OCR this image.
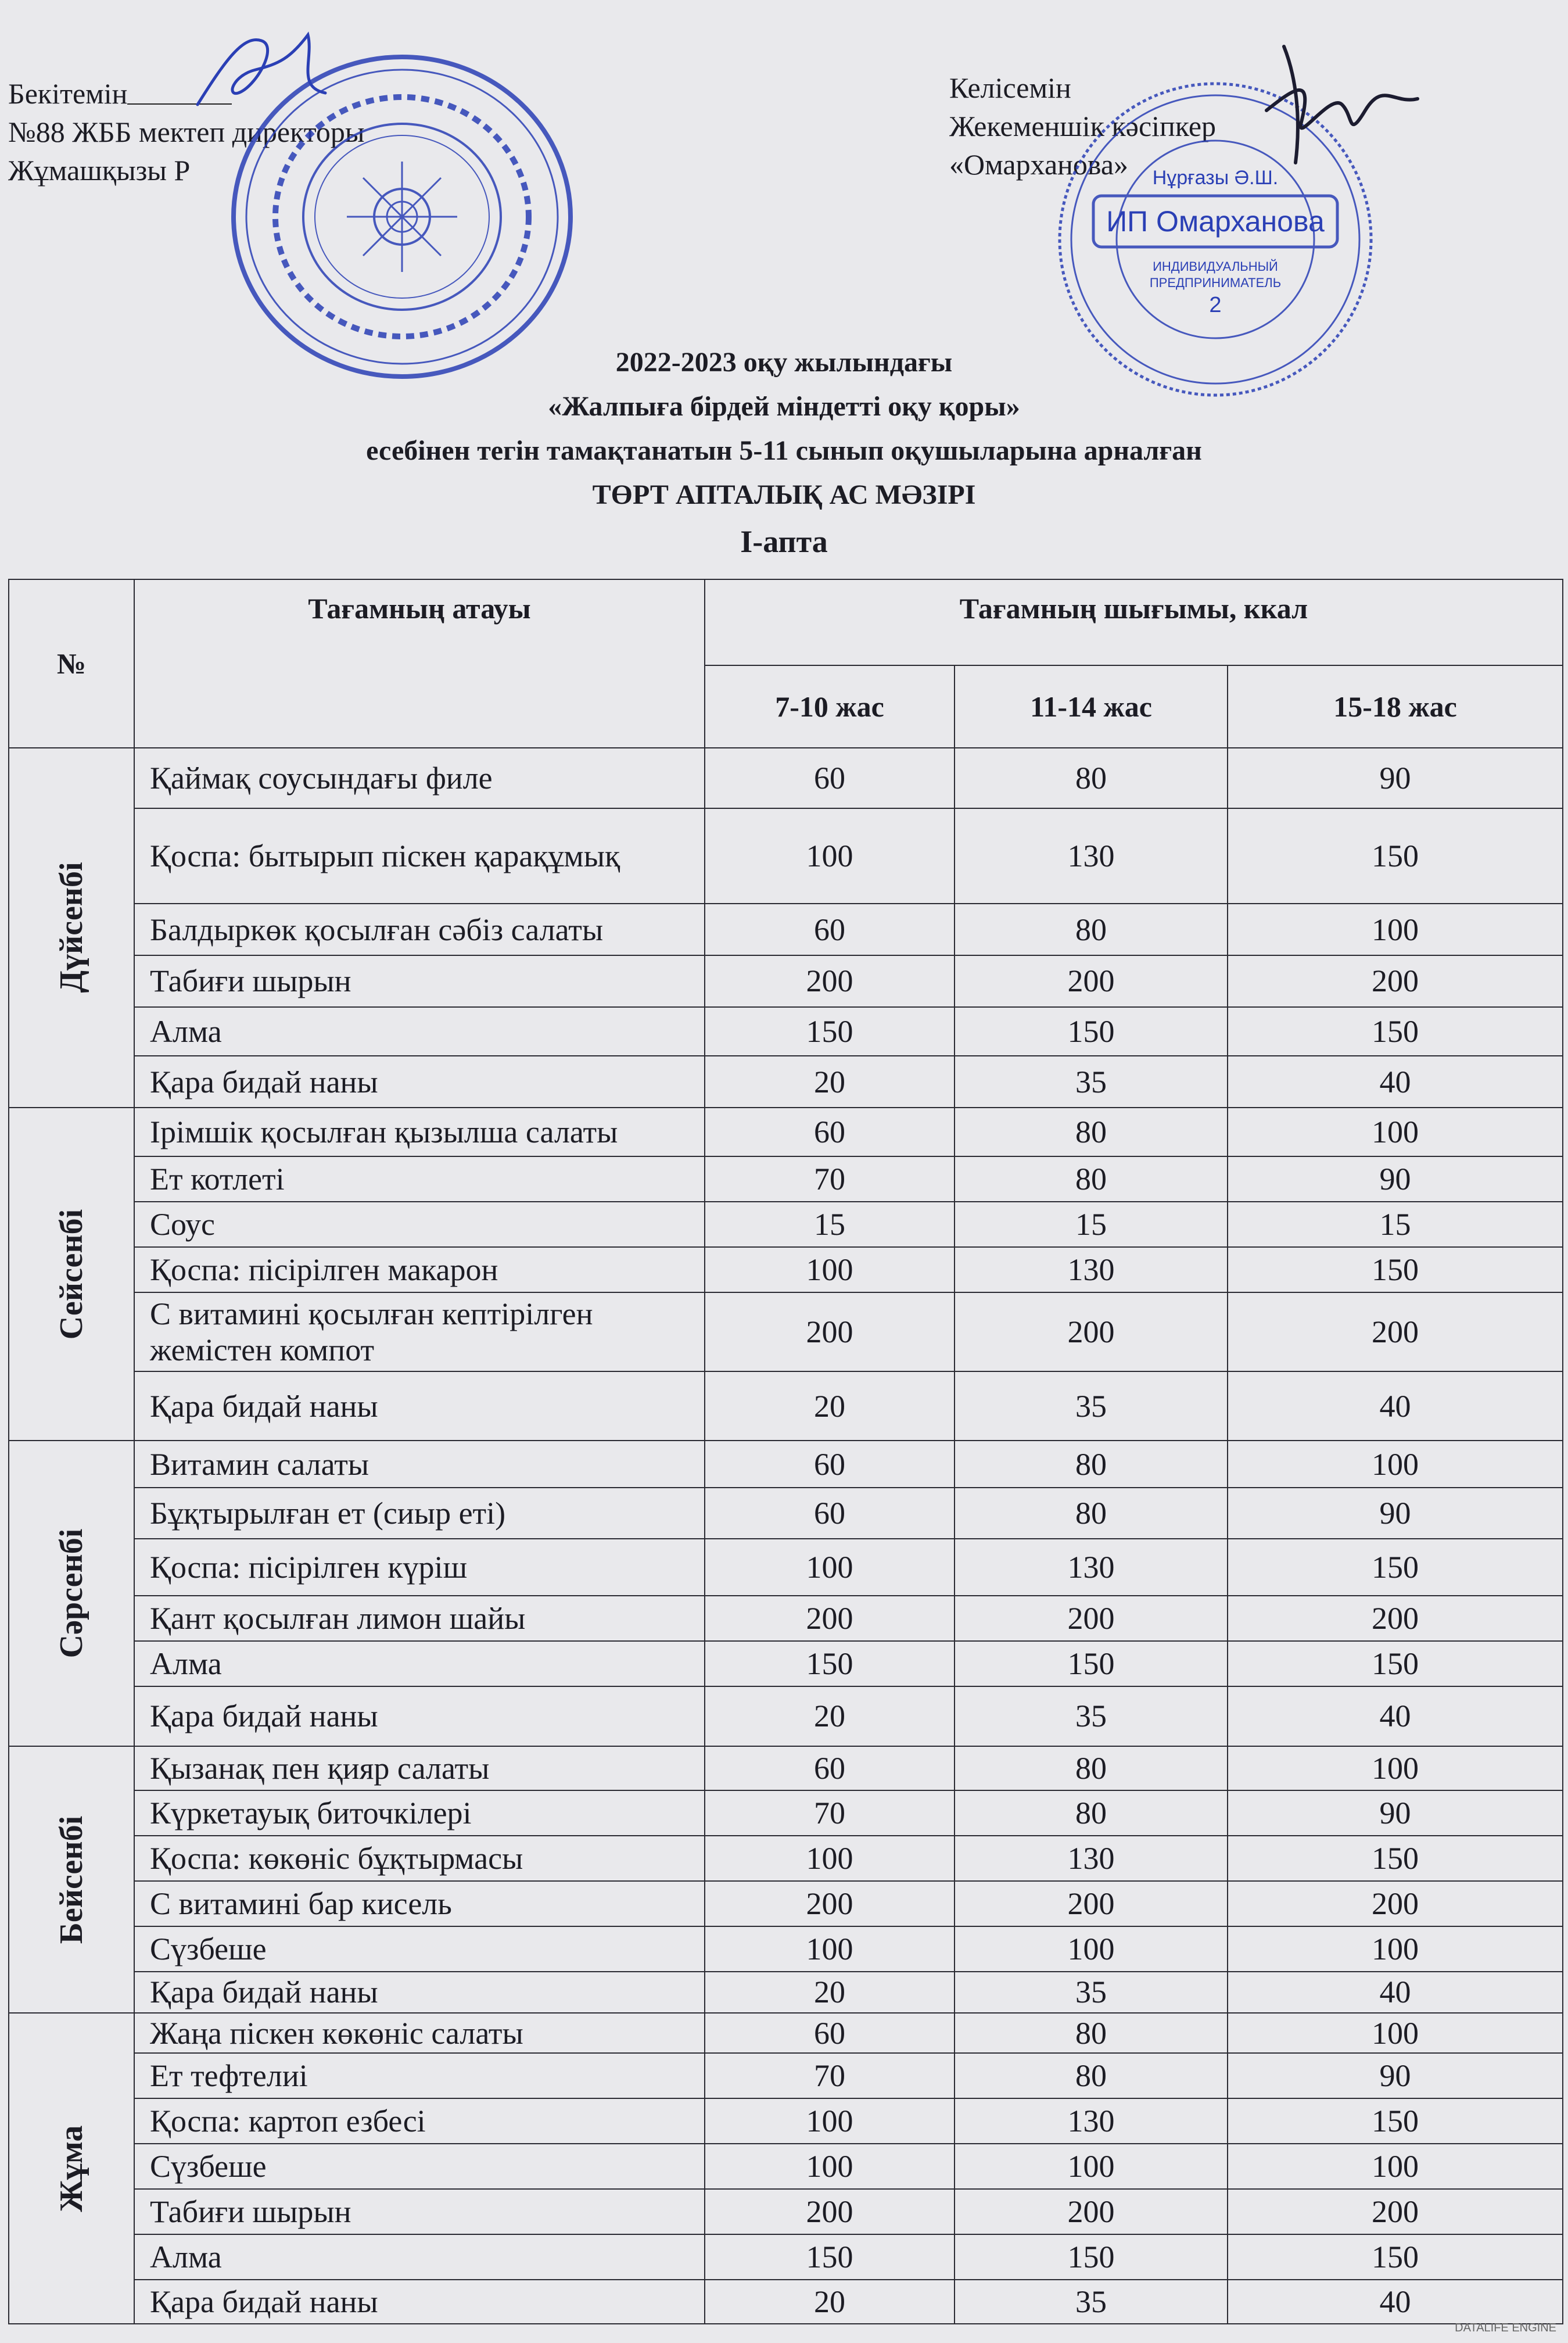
Бекітемін
№88 ЖББ мектеп директоры
Жұмашқызы Р
Келісемін
Жекеменшік кәсіпкер
«Омарханова»
ИП Омарханова
Нұрғазы Ә.Ш.
ИНДИВИДУАЛЬНЫЙ
ПРЕДПРИНИМАТЕЛЬ
2
2022-2023 оқу жылындағы
«Жалпыға бірдей міндетті оқу қоры»
есебінен тегін тамақтанатын 5-11 сынып оқушыларына арналған
ТӨРТ АПТАЛЫҚ АС МӘЗІРІ
I-апта
№	Тағамның атауы	Тағамның шығымы, ккал		
		7-10 жас	11-14 жас	15-18 жас

Дүйсенбі	Қаймақ соусындағы филе	60	80	90
	Қоспа: бытырып піскен қарақұмық	100	130	150
	Балдыркөк қосылған сәбіз салаты	60	80	100
	Табиғи шырын	200	200	200
	Алма	150	150	150
	Қара бидай наны	20	35	40

Сейсенбі	Ірімшік қосылған қызылша салаты	60	80	100
	Ет котлеті	70	80	90
	Соус	15	15	15
	Қоспа: пісірілген макарон	100	130	150
	С витамині қосылған кептірілген жемістен компот	200	200	200
	Қара бидай наны	20	35	40

Сәрсенбі	Витамин салаты	60	80	100
	Бұқтырылған ет (сиыр еті)	60	80	90
	Қоспа: пісірілген күріш	100	130	150
	Қант қосылған лимон шайы	200	200	200
	Алма	150	150	150
	Қара бидай наны	20	35	40

Бейсенбі	Қызанақ пен қияр салаты	60	80	100
	Күркетауық биточкілері	70	80	90
	Қоспа: көкөніс бұқтырмасы	100	130	150
	С витамині бар кисель	200	200	200
	Сүзбеше	100	100	100
	Қара бидай наны	20	35	40

Жұма	Жаңа піскен көкөніс салаты	60	80	100
	Ет тефтелиі	70	80	90
	Қоспа: картоп езбесі	100	130	150
	Сүзбеше	100	100	100
	Табиғи шырын	200	200	200
	Алма	150	150	150
	Қара бидай наны	20	35	40
DATALIFE ENGINE
